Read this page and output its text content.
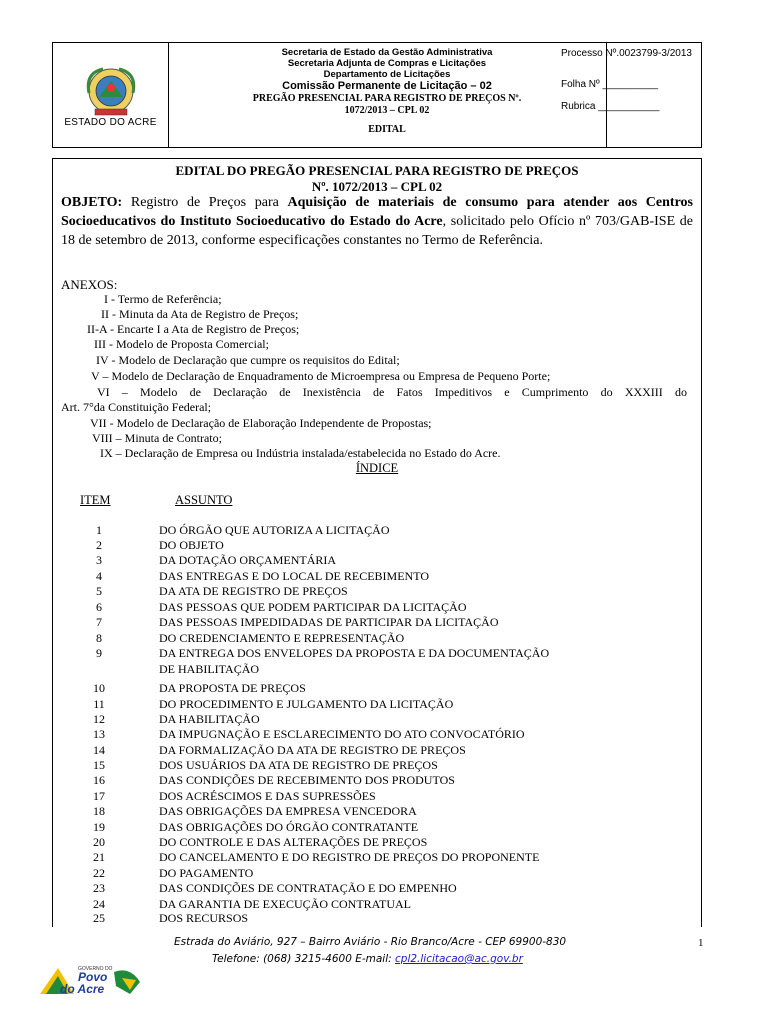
ESTADO DO ACRE
Secretaria de Estado da Gestão Administrativa
Secretaria Adjunta de Compras e Licitações
Departamento de Licitações
Comissão Permanente de Licitação – 02
PREGÃO PRESENCIAL PARA REGISTRO DE PREÇOS Nº.
1072/2013 – CPL 02
EDITAL
Processo Nº.0023799-3/2013
Folha Nº __________
Rubrica ___________
EDITAL DO PREGÃO PRESENCIAL PARA REGISTRO DE PREÇOS
Nº. 1072/2013 – CPL 02
OBJETO: Registro de Preços para Aquisição de materiais de consumo para atender aos Centros Socioeducativos do Instituto Socioeducativo do Estado do Acre, solicitado pelo Ofício nº 703/GAB-ISE de 18 de setembro de 2013, conforme especificações constantes no Termo de Referência.
ANEXOS:
I - Termo de Referência;
II - Minuta da Ata de Registro de Preços;
II-A - Encarte I a Ata de Registro de Preços;
III - Modelo de Proposta Comercial;
IV - Modelo de Declaração que cumpre os requisitos do Edital;
V – Modelo de Declaração de Enquadramento de Microempresa ou Empresa de Pequeno Porte;
VI – Modelo de Declaração de Inexistência de Fatos Impeditivos e Cumprimento do XXXIII do
Art. 7°da Constituição Federal;
VII - Modelo de Declaração de Elaboração Independente de Propostas;
VIII – Minuta de Contrato;
IX – Declaração de Empresa ou Indústria instalada/estabelecida no Estado do Acre.
ÍNDICE
ITEM	ASSUNTO
1	DO ÓRGÃO QUE AUTORIZA A LICITAÇÃO
2	DO OBJETO
3	DA DOTAÇÃO ORÇAMENTÁRIA
4	DAS ENTREGAS E DO LOCAL DE RECEBIMENTO
5	DA ATA DE REGISTRO DE PREÇOS
6	DAS PESSOAS QUE PODEM PARTICIPAR DA LICITAÇÃO
7	DAS PESSOAS IMPEDIDADAS DE PARTICIPAR DA LICITAÇÃO
8	DO CREDENCIAMENTO E REPRESENTAÇÃO
9	DA ENTREGA DOS ENVELOPES DA PROPOSTA E DA DOCUMENTAÇÃO
DE HABILITAÇÃO
10	DA PROPOSTA DE PREÇOS
11	DO PROCEDIMENTO E JULGAMENTO DA LICITAÇÃO
12	DA HABILITAÇÃO
13	DA IMPUGNAÇÃO E ESCLARECIMENTO DO ATO CONVOCATÓRIO
14	DA FORMALIZAÇÃO DA ATA DE REGISTRO DE PREÇOS
15	DOS USUÁRIOS DA ATA DE REGISTRO DE PREÇOS
16	DAS CONDIÇÕES DE RECEBIMENTO DOS PRODUTOS
17	DOS ACRÉSCIMOS E DAS SUPRESSÕES
18	DAS OBRIGAÇÕES DA EMPRESA VENCEDORA
19	DAS OBRIGAÇÕES DO ÓRGÃO CONTRATANTE
20	DO CONTROLE E DAS ALTERAÇÕES DE PREÇOS
21	DO CANCELAMENTO E DO REGISTRO DE PREÇOS DO PROPONENTE
22	DO PAGAMENTO
23	DAS CONDIÇÕES DE CONTRATAÇÃO E DO EMPENHO
24	DA GARANTIA DE EXECUÇÃO CONTRATUAL
25	DOS RECURSOS
Estrada do Aviário, 927 – Bairro Aviário - Rio Branco/Acre - CEP 69900-830
Telefone: (068) 3215-4600 E-mail: cpl2.licitacao@ac.gov.br
1
GOVERNO DO
Povo
do Acre
